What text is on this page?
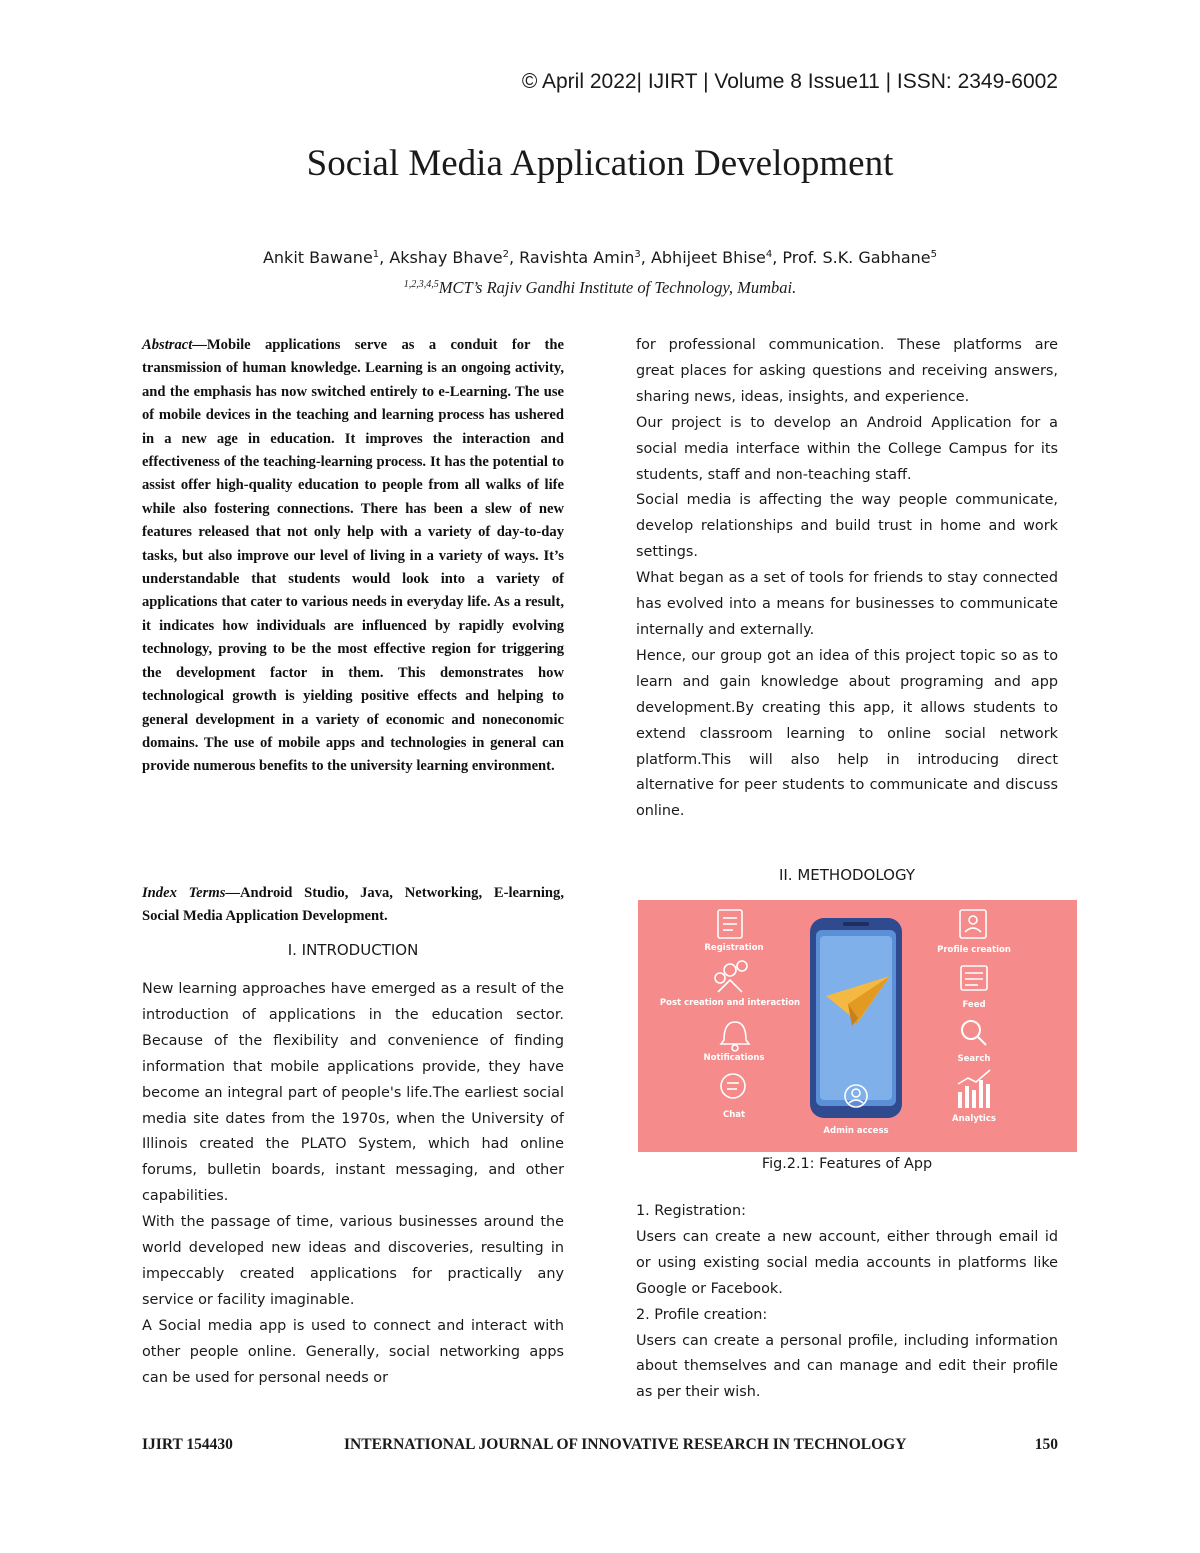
© April 2022| IJIRT | Volume 8 Issue11 | ISSN: 2349-6002
Social Media Application Development
Ankit Bawane$^1$, Akshay Bhave$^2$, Ravishta Amin$^3$, Abhijeet Bhise$^4$, Prof. S.K. Gabhane$^5$
$^{1,2,3,4,5}$MCT’s Rajiv Gandhi Institute of Technology, Mumbai.
Abstract—Mobile applications serve as a conduit for the transmission of human knowledge. Learning is an ongoing activity, and the emphasis has now switched entirely to e-Learning. The use of mobile devices in the teaching and learning process has ushered in a new age in education. It improves the interaction and effectiveness of the teaching-learning process. It has the potential to assist offer high-quality education to people from all walks of life while also fostering connections. There has been a slew of new features released that not only help with a variety of day-to-day tasks, but also improve our level of living in a variety of ways. It’s understandable that students would look into a variety of applications that cater to various needs in everyday life. As a result, it indicates how individuals are influenced by rapidly evolving technology, proving to be the most effective region for triggering the development factor in them. This demonstrates how technological growth is yielding positive effects and helping to general development in a variety of economic and noneconomic domains. The use of mobile apps and technologies in general can provide numerous benefits to the university learning environment.
Index Terms—Android Studio, Java, Networking, E-learning, Social Media Application Development.
I. INTRODUCTION

New learning approaches have emerged as a result of the introduction of applications in the education sector. Because of the flexibility and convenience of finding information that mobile applications provide, they have become an integral part of people's life.The earliest social media site dates from the 1970s, when the University of Illinois created the PLATO System, which had online forums, bulletin boards, instant messaging, and other capabilities.

With the passage of time, various businesses around the world developed new ideas and discoveries, resulting in impeccably created applications for practically any service or facility imaginable.

A Social media app is used to connect and interact with other people online. Generally, social networking apps can be used for personal needs or

for professional communication. These platforms are great places for asking questions and receiving answers, sharing news, ideas, insights, and experience.

Our project is to develop an Android Application for a social media interface within the College Campus for its students, staff and non-teaching staff.

Social media is affecting the way people communicate, develop relationships and build trust in home and work settings.

What began as a set of tools for friends to stay connected has evolved into a means for businesses to communicate internally and externally.

Hence, our group got an idea of this project topic so as to learn and gain knowledge about programing and app development.By creating this app, it allows students to extend classroom learning to online social network platform.This will also help in introducing direct alternative for peer students to communicate and discuss online.

II. METHODOLOGY
Registration
Post creation and interaction
Notifications
Chat
Profile creation
Feed
Search
Analytics
Admin access
Fig.2.1: Features of App

1. Registration:

Users can create a new account, either through email id or using existing social media accounts in platforms like Google or Facebook.

2. Profile creation:

Users can create a personal profile, including information about themselves and can manage and edit their profile as per their wish.

IJIRT 154430	INTERNATIONAL JOURNAL OF INNOVATIVE RESEARCH IN TECHNOLOGY	150
